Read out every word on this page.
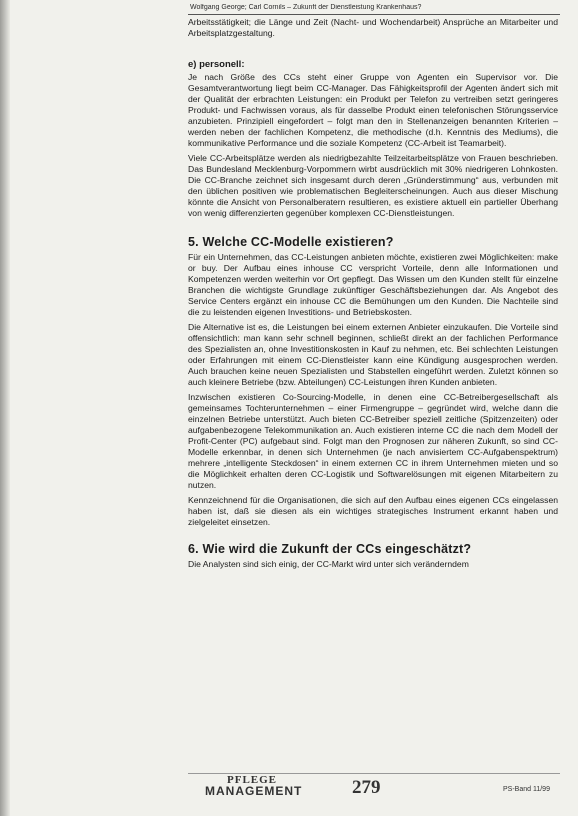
Wolfgang George; Carl Cornils – Zukunft der Dienstleistung Krankenhaus?

Arbeitsstätigkeit; die Länge und Zeit (Nacht- und Wochendarbeit) Ansprüche an Mitarbeiter und Arbeitsplatzgestaltung.

e) personell:

Je nach Größe des CCs steht einer Gruppe von Agenten ein Supervisor vor. Die Gesamtverantwortung liegt beim CC-Manager. Das Fähigkeitsprofil der Agenten ändert sich mit der Qualität der erbrachten Leistungen: ein Produkt per Telefon zu vertreiben setzt geringeres Produkt- und Fachwissen voraus, als für dasselbe Produkt einen telefonischen Störungsservice anzubieten. Prinzipiell eingefordert – folgt man den in Stellenanzeigen benannten Kriterien – werden neben der fachlichen Kompetenz, die methodische (d.h. Kenntnis des Mediums), die kommunikative Performance und die soziale Kompetenz (CC-Arbeit ist Teamarbeit).

Viele CC-Arbeitsplätze werden als niedrigbezahlte Teilzeitarbeitsplätze von Frauen beschrieben. Das Bundesland Mecklenburg-Vorpommern wirbt ausdrücklich mit 30% niedrigeren Lohnkosten. Die CC-Branche zeichnet sich insgesamt durch deren „Gründerstimmung“ aus, verbunden mit den üblichen positiven wie problematischen Begleiterscheinungen. Auch aus dieser Mischung könnte die Ansicht von Personalberatern resultieren, es existiere aktuell ein partieller Überhang von wenig differenzierten gegenüber komplexen CC-Dienstleistungen.

5. Welche CC-Modelle existieren?

Für ein Unternehmen, das CC-Leistungen anbieten möchte, existieren zwei Möglichkeiten: make or buy. Der Aufbau eines inhouse CC verspricht Vorteile, denn alle Informationen und Kompetenzen werden weiterhin vor Ort gepflegt. Das Wissen um den Kunden stellt für einzelne Branchen die wichtigste Grundlage zukünftiger Geschäftsbeziehungen dar. Als Angebot des Service Centers ergänzt ein inhouse CC die Bemühungen um den Kunden. Die Nachteile sind die zu leistenden eigenen Investitions- und Betriebskosten.

Die Alternative ist es, die Leistungen bei einem externen Anbieter einzukaufen. Die Vorteile sind offensichtlich: man kann sehr schnell beginnen, schließt direkt an der fachlichen Performance des Spezialisten an, ohne Investitionskosten in Kauf zu nehmen, etc. Bei schlechten Leistungen oder Erfahrungen mit einem CC-Dienstleister kann eine Kündigung ausgesprochen werden. Auch brauchen keine neuen Spezialisten und Stabstellen eingeführt werden. Zuletzt können so auch kleinere Betriebe (bzw. Abteilungen) CC-Leistungen ihren Kunden anbieten.

Inzwischen existieren Co-Sourcing-Modelle, in denen eine CC-Betreibergesellschaft als gemeinsames Tochterunternehmen – einer Firmengruppe – gegründet wird, welche dann die einzelnen Betriebe unterstützt. Auch bieten CC-Betreiber speziell zeitliche (Spitzenzeiten) oder aufgabenbezogene Telekommunikation an. Auch existieren interne CC die nach dem Modell der Profit-Center (PC) aufgebaut sind. Folgt man den Prognosen zur näheren Zukunft, so sind CC-Modelle erkennbar, in denen sich Unternehmen (je nach anvisiertem CC-Aufgabenspektrum) mehrere „intelligente Steckdosen“ in einem externen CC in ihrem Unternehmen mieten und so die Möglichkeit erhalten deren CC-Logistik und Softwarelösungen mit eigenen Mitarbeitern zu nutzen.

Kennzeichnend für die Organisationen, die sich auf den Aufbau eines eigenen CCs eingelassen haben ist, daß sie diesen als ein wichtiges strategisches Instrument erkannt haben und zielgeleitet einsetzen.

6. Wie wird die Zukunft der CCs eingeschätzt?

Die Analysten sind sich einig, der CC-Markt wird unter sich veränderndem

PFLEGE
MANAGEMENT	279	PS-Band 11/99
